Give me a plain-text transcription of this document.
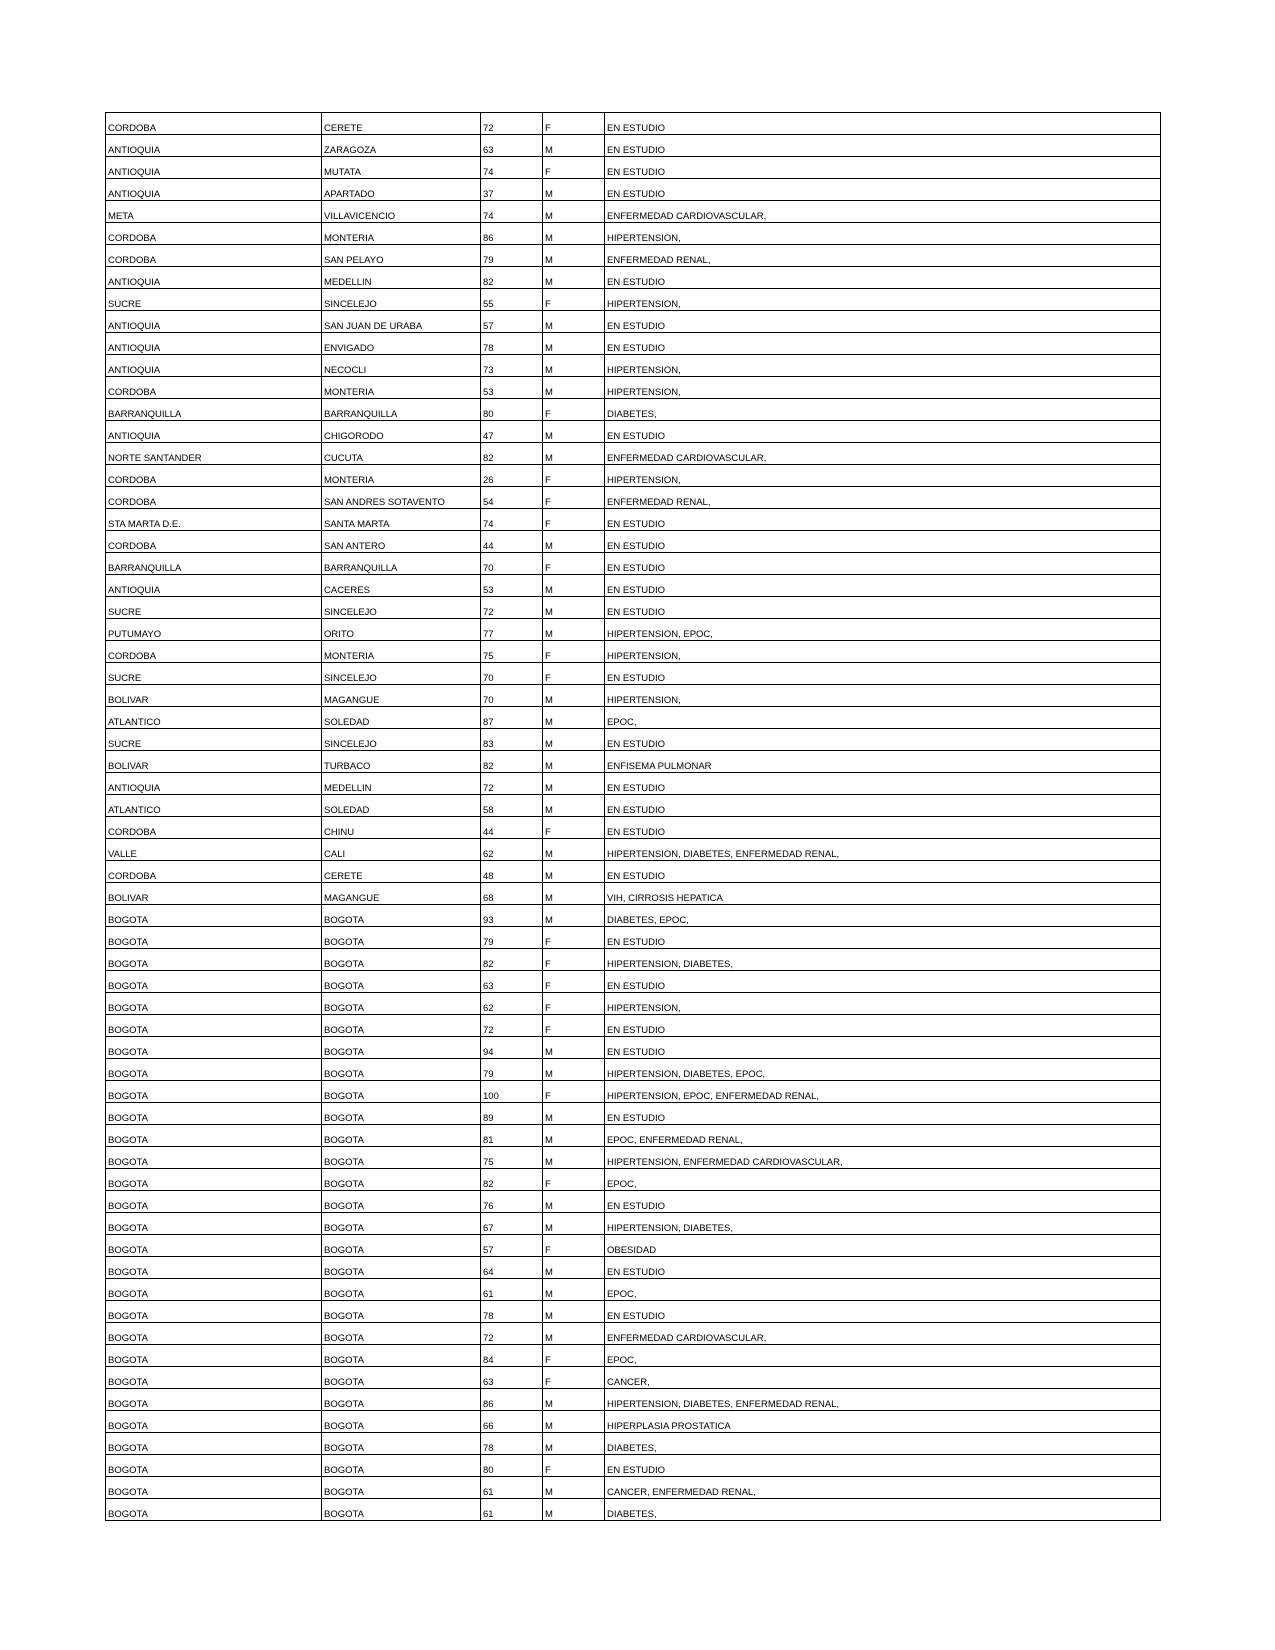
CORDOBA	CERETE	72	F	EN ESTUDIO
ANTIOQUIA	ZARAGOZA	63	M	EN ESTUDIO
ANTIOQUIA	MUTATA	74	F	EN ESTUDIO
ANTIOQUIA	APARTADO	37	M	EN ESTUDIO
META	VILLAVICENCIO	74	M	ENFERMEDAD CARDIOVASCULAR,
CORDOBA	MONTERIA	86	M	HIPERTENSION,
CORDOBA	SAN PELAYO	79	M	ENFERMEDAD RENAL,
ANTIOQUIA	MEDELLIN	82	M	EN ESTUDIO
SUCRE	SINCELEJO	55	F	HIPERTENSION,
ANTIOQUIA	SAN JUAN DE URABA	57	M	EN ESTUDIO
ANTIOQUIA	ENVIGADO	78	M	EN ESTUDIO
ANTIOQUIA	NECOCLI	73	M	HIPERTENSION,
CORDOBA	MONTERIA	53	M	HIPERTENSION,
BARRANQUILLA	BARRANQUILLA	80	F	DIABETES,
ANTIOQUIA	CHIGORODO	47	M	EN ESTUDIO
NORTE SANTANDER	CUCUTA	82	M	ENFERMEDAD CARDIOVASCULAR,
CORDOBA	MONTERIA	26	F	HIPERTENSION,
CORDOBA	SAN ANDRES SOTAVENTO	54	F	ENFERMEDAD RENAL,
STA MARTA D.E.	SANTA MARTA	74	F	EN ESTUDIO
CORDOBA	SAN ANTERO	44	M	EN ESTUDIO
BARRANQUILLA	BARRANQUILLA	70	F	EN ESTUDIO
ANTIOQUIA	CACERES	53	M	EN ESTUDIO
SUCRE	SINCELEJO	72	M	EN ESTUDIO
PUTUMAYO	ORITO	77	M	HIPERTENSION, EPOC,
CORDOBA	MONTERIA	75	F	HIPERTENSION,
SUCRE	SINCELEJO	70	F	EN ESTUDIO
BOLIVAR	MAGANGUE	70	M	HIPERTENSION,
ATLANTICO	SOLEDAD	87	M	EPOC,
SUCRE	SINCELEJO	83	M	EN ESTUDIO
BOLIVAR	TURBACO	82	M	ENFISEMA PULMONAR
ANTIOQUIA	MEDELLIN	72	M	EN ESTUDIO
ATLANTICO	SOLEDAD	58	M	EN ESTUDIO
CORDOBA	CHINU	44	F	EN ESTUDIO
VALLE	CALI	62	M	HIPERTENSION, DIABETES, ENFERMEDAD RENAL,
CORDOBA	CERETE	48	M	EN ESTUDIO
BOLIVAR	MAGANGUE	68	M	VIH, CIRROSIS HEPATICA
BOGOTA	BOGOTA	93	M	DIABETES, EPOC,
BOGOTA	BOGOTA	79	F	EN ESTUDIO
BOGOTA	BOGOTA	82	F	HIPERTENSION, DIABETES,
BOGOTA	BOGOTA	63	F	EN ESTUDIO
BOGOTA	BOGOTA	62	F	HIPERTENSION,
BOGOTA	BOGOTA	72	F	EN ESTUDIO
BOGOTA	BOGOTA	94	M	EN ESTUDIO
BOGOTA	BOGOTA	79	M	HIPERTENSION, DIABETES, EPOC,
BOGOTA	BOGOTA	100	F	HIPERTENSION, EPOC, ENFERMEDAD RENAL,
BOGOTA	BOGOTA	89	M	EN ESTUDIO
BOGOTA	BOGOTA	81	M	EPOC, ENFERMEDAD RENAL,
BOGOTA	BOGOTA	75	M	HIPERTENSION, ENFERMEDAD CARDIOVASCULAR,
BOGOTA	BOGOTA	82	F	EPOC,
BOGOTA	BOGOTA	76	M	EN ESTUDIO
BOGOTA	BOGOTA	67	M	HIPERTENSION, DIABETES,
BOGOTA	BOGOTA	57	F	OBESIDAD
BOGOTA	BOGOTA	64	M	EN ESTUDIO
BOGOTA	BOGOTA	61	M	EPOC,
BOGOTA	BOGOTA	78	M	EN ESTUDIO
BOGOTA	BOGOTA	72	M	ENFERMEDAD CARDIOVASCULAR,
BOGOTA	BOGOTA	84	F	EPOC,
BOGOTA	BOGOTA	63	F	CANCER,
BOGOTA	BOGOTA	86	M	HIPERTENSION, DIABETES, ENFERMEDAD RENAL,
BOGOTA	BOGOTA	66	M	HIPERPLASIA PROSTATICA
BOGOTA	BOGOTA	78	M	DIABETES,
BOGOTA	BOGOTA	80	F	EN ESTUDIO
BOGOTA	BOGOTA	61	M	CANCER, ENFERMEDAD RENAL,
BOGOTA	BOGOTA	61	M	DIABETES,
